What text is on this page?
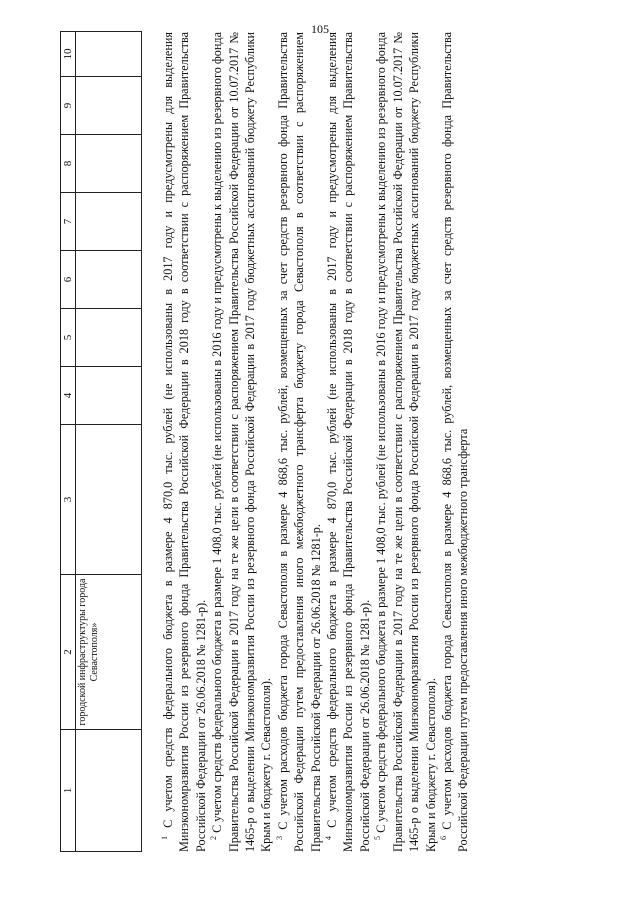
105
1	2	3	4	5	6	7	8	9	10

	городской инфраструктуры города Севастополя»								

$^1$ С учетом средств федерального бюджета в размере 4 870,0 тыс. рублей (не использованы в 2017 году и предусмотрены для выделения Минэкономразвития России из резервного фонда Правительства Российской Федерации в 2018 году в соответствии с распоряжением Правительства Российской Федерации от 26.06.2018 № 1281-р). $^2$ С учетом средств федерального бюджета в размере 1 408,0 тыс. рублей (не использованы в 2016 году и предусмотрены к выделению из резервного фонда Правительства Российской Федерации в 2017 году на те же цели в соответствии с распоряжением Правительства Российской Федерации от 10.07.2017 № 1465-р о выделении Минэкономразвития России из резервного фонда Российской Федерации в 2017 году бюджетных ассигнований бюджету Республики Крым и бюджету г. Севастополя). $^3$ С учетом расходов бюджета города Севастополя в размере 4 868,6 тыс. рублей, возмещенных за счет средств резервного фонда Правительства Российской Федерации путем предоставления иного межбюджетного трансферта бюджету города Севастополя в соответствии с распоряжением Правительства Российской Федерации от 26.06.2018 № 1281-р. $^4$ С учетом средств федерального бюджета в размере 4 870,0 тыс. рублей (не использованы в 2017 году и предусмотрены для выделения Минэкономразвития России из резервного фонда Правительства Российской Федерации в 2018 году в соответствии с распоряжением Правительства Российской Федерации от 26.06.2018 № 1281-р). $^5$ С учетом средств федерального бюджета в размере 1 408,0 тыс. рублей (не использованы в 2016 году и предусмотрены к выделению из резервного фонда Правительства Российской Федерации в 2017 году на те же цели в соответствии с распоряжением Правительства Российской Федерации от 10.07.2017 № 1465-р о выделении Минэкономразвития России из резервного фонда Российской Федерации в 2017 году бюджетных ассигнований бюджету Республики Крым и бюджету г. Севастополя). $^6$ С учетом расходов бюджета города Севастополя в размере 4 868,6 тыс. рублей, возмещенных за счет средств резервного фонда Правительства Российской Федерации путем предоставления иного межбюджетного трансферта
